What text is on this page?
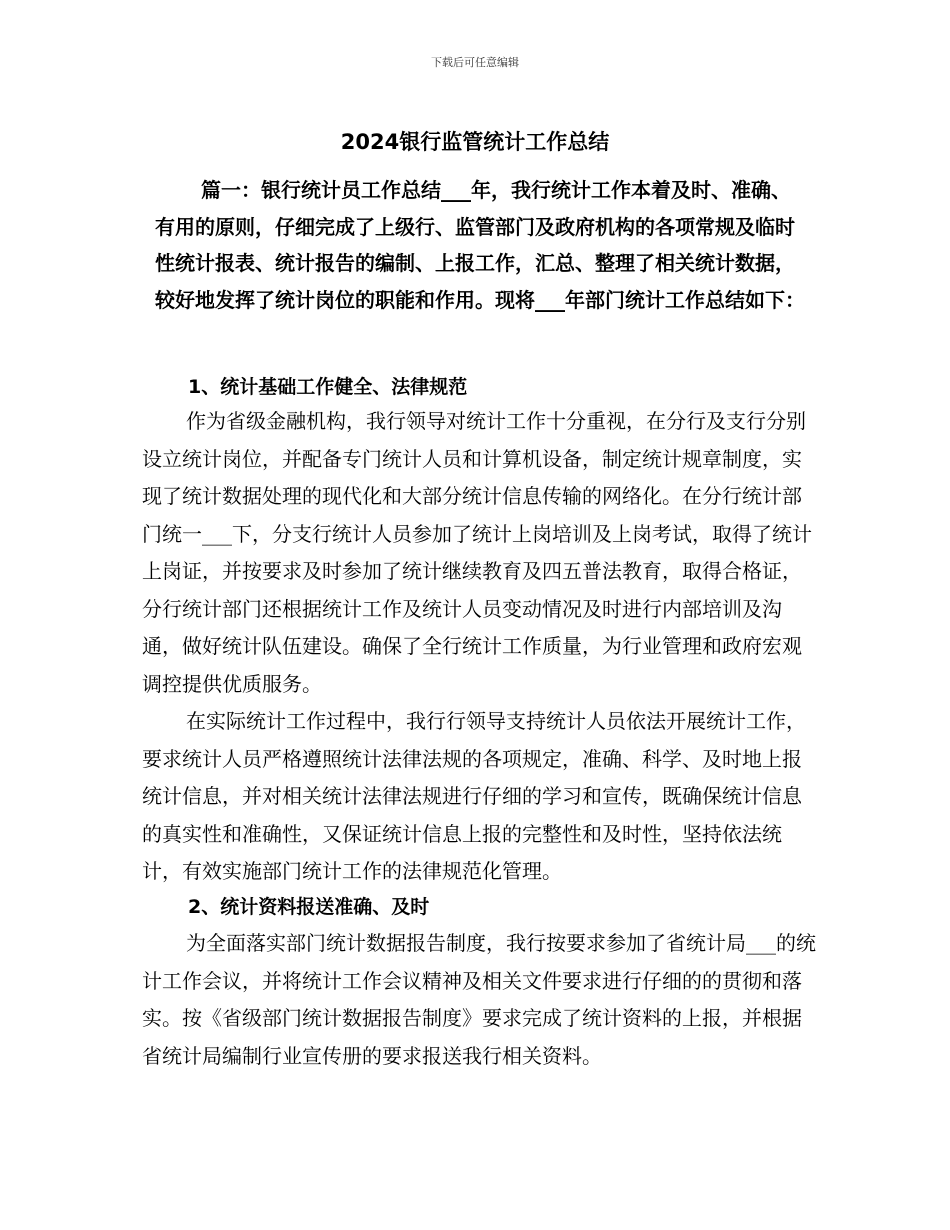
下载后可任意编辑
2024银行监管统计工作总结

篇一：银行统计员工作总结___年，我行统计工作本着及时、准确、有用的原则，仔细完成了上级行、监管部门及政府机构的各项常规及临时性统计报表、统计报告的编制、上报工作，汇总、整理了相关统计数据，较好地发挥了统计岗位的职能和作用。现将___年部门统计工作总结如下：

1、统计基础工作健全、法律规范

作为省级金融机构，我行领导对统计工作十分重视，在分行及支行分别设立统计岗位，并配备专门统计人员和计算机设备，制定统计规章制度，实现了统计数据处理的现代化和大部分统计信息传输的网络化。在分行统计部门统一___下，分支行统计人员参加了统计上岗培训及上岗考试，取得了统计上岗证，并按要求及时参加了统计继续教育及四五普法教育，取得合格证，分行统计部门还根据统计工作及统计人员变动情况及时进行内部培训及沟通，做好统计队伍建设。确保了全行统计工作质量，为行业管理和政府宏观调控提供优质服务。

在实际统计工作过程中，我行行领导支持统计人员依法开展统计工作，要求统计人员严格遵照统计法律法规的各项规定，准确、科学、及时地上报统计信息，并对相关统计法律法规进行仔细的学习和宣传，既确保统计信息的真实性和准确性，又保证统计信息上报的完整性和及时性，坚持依法统计，有效实施部门统计工作的法律规范化管理。

2、统计资料报送准确、及时

为全面落实部门统计数据报告制度，我行按要求参加了省统计局___的统计工作会议，并将统计工作会议精神及相关文件要求进行仔细的的贯彻和落实。按《省级部门统计数据报告制度》要求完成了统计资料的上报，并根据省统计局编制行业宣传册的要求报送我行相关资料。
